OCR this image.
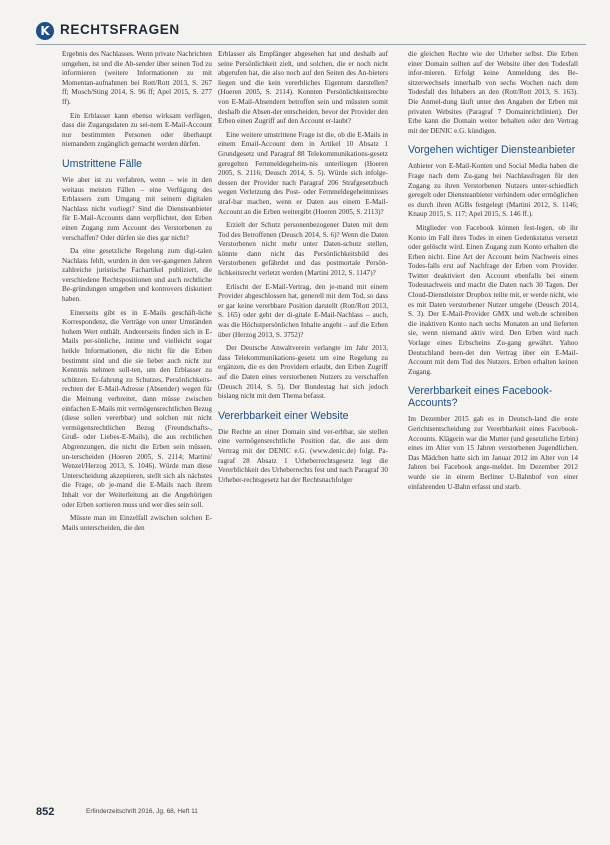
K RECHTSFRAGEN

Ergebnis des Nachlasses. Wenn private Nachrichten umgehen, ist und die Ab-sender über seinen Tod zu informieren (weitere Informationen zu mit Momentan-aufnahmen bei Rott/Rott 2013, S. 267 ff; Mosch/Sting 2014, S. 96 ff; Apel 2015, S. 277 ff).

Ein Erblasser kann ebenso wirksam verfügen, dass die Zugangsdaten zu sei-nem E-Mail-Account nur bestimmten Personen oder überhaupt niemandem zugänglich gemacht werden dürfen.

Umstrittene Fälle

Wie aber ist zu verfahren, wenn – wie in den weitaus meisten Fällen – eine Verfügung des Erblassers zum Umgang mit seinem digitalen Nachlass nicht vorliegt? Sind die Diensteanbieter für E-Mail-Accounts dann verpflichtet, den Erben einen Zugang zum Account des Verstorbenen zu verschaffen? Oder dürfen sie dies gar nicht?

Da eine gesetzliche Regelung zum digi-talen Nachlass fehlt, wurden in den ver-gangenen Jahren zahlreiche juristische Fachartikel publiziert, die verschiedene Rechtspositionen und auch rechtliche Be-gründungen umgeben und kontrovers diskutiert haben.

Einerseits gibt es in E-Mails geschäft-liche Korrespondenz, die Verträge von unter Umständen hohem Wert enthält. Andererseits finden sich in E-Mails per-sönliche, intime und vielleicht sogar heikle Informationen, die nicht für die Erben bestimmt sind und die sie lieber auch nicht zur Kenntnis nehmen soll-ten, um den Erblasser zu schützen. Er-fahrung zu Schutzes, Persönlichkeits-rechten der E-Mail-Adresse (Absender) wegen für die Meinung verbreitet, dann müsse zwischen einfachen E-Mails mit vermögensrechtlichen Bezug (diese sollen vererbbar) und solchen mit nicht vermögensrechtlichen Bezug (Freundschafts-, Gruß- oder Liebes-E-Mails), die aus rechtlichen Abgrenzungen, die nicht die Erben sein müssen, un-terscheiden (Hoeren 2005, S. 2114; Martini/ Wenzel/Herzog 2013, S. 1046). Würde man diese Unterscheidung akzeptieren, stellt sich als nächstes die Frage, ob je-mand die E-Mails nach ihrem Inhalt vor der Weiterleitung an die Angehörigen oder Erben sortieren muss und wer dies sein soll.

Müsste man im Einzelfall zwischen solchen E-Mails unterscheiden, die den

Erblasser als Empfänger abgesehen hat und deshalb auf seine Persönlichkeit zielt, und solchen, die er noch nicht abgerufen hat, die also noch auf den Seiten des An-bieters liegen und die kein vererbliches Eigentum darstellen? (Hoeren 2005, S. 2114). Konnten Persönlichkeitsrechte von E-Mail-Absendern betroffen sein und müssten somit deshalb die Absen-der entscheiden, bevor der Provider den Erben einen Zugriff auf den Account er-laubt?

Eine weitere umstrittene Frage ist die, ob die E-Mails in einem Email-Account dem in Artikel 10 Absatz 1 Grundgesetz und Paragraf 88 Telekommunikations-gesetz geregelten Fernmeldegeheim-nis unterliegen (Hoeren 2005, S. 2116; Deusch 2014, S. 5). Würde sich infolge-dessen der Provider nach Paragraf 206 Strafgesetzbuch wegen Verletzung des Post- oder Fernmeldegeheimnisses straf-bar machen, wenn er Daten aus einem E-Mail-Account an die Erben weitergibt (Hoeren 2005, S. 2113)?

Erzielt der Schutz personenbezogener Daten mit dem Tod des Betroffenen (Deusch 2014, S. 6)? Wenn die Daten Verstorbenen nicht mehr unter Daten-schutz stellen, könnte dann nicht das Persönlichkeitsbild des Verstorbenen gefährdet und das postmortale Persön-lichkeitsrecht verletzt werden (Martini 2012, S. 1147)?

Erlischt der E-Mail-Vertrag, den je-mand mit einem Provider abgeschlossen hat, generell mit dem Tod, so dass er gar keine vererbbare Position darstellt (Rott/Rott 2013, S. 165) oder geht der di-gitale E-Mail-Nachlass – auch, was die Höchstpersönlichen Inhalte angeht – auf die Erben über (Herzog 2013, S. 3752)?

Der Deutsche Anwaltverein verlangte im Jahr 2013, dass Telekommunikations-gesetz um eine Regelung zu ergänzen, die es den Providern erlaubt, den Erben Zugriff auf die Daten eines verstorbenen Nutzers zu verschaffen (Deusch 2014, S. 5). Der Bundestag hat sich jedoch bislang nicht mit dem Thema befasst.

Vererbbarkeit einer Website

Die Rechte an einer Domain sind ver-erbbar, sie stellen eine vermögensrechtliche Position dar, die aus dem Vertrag mit der DENIC e.G. (www.denic.de) folgt. Pa-ragraf 28 Absatz 1 Urheberrechtsgesetz legt die Vererblichkeit des Urheberrechts fest und nach Paragraf 30 Urheber-rechtsgesetz hat der Rechtsnachfolger

die gleichen Rechte wie der Urheber selbst. Die Erben einer Domain sollten auf der Website über den Todesfall infor-mieren. Erfolgt keine Anmeldung des Be-sitzerwechsels innerhalb von sechs Wochen nach dem Todesfall des Inhabers an den (Rott/Rott 2013, S. 163). Die Anmel-dung läuft unter den Angaben der Erben mit privaten Websites (Paragraf 7 Domainrichtlinien). Der Erbe kann die Domain weiter behalten oder den Vertrag mit der DENIC e.G. kündigen.

Vorgehen wichtiger Diensteanbieter

Anbieter von E-Mail-Konten und Social Media haben die Frage nach dem Zu-gang bei Nachlassfragen für den Zugang zu ihren Verstorbenen Nutzers unter-schiedlich geregelt oder Diensteanbieter verhindern oder ermöglichen es durch ihren AGBs festgelegt (Martini 2012, S. 1146; Knaup 2015, S. 117; Apel 2015, S. 146 ff.).

Mitglieder von Facebook können fest-legen, ob ihr Konto im Fall ihres Todes in einen Gedenkstatus versetzt oder gelöscht wird. Einen Zugang zum Konto erhalten die Erben nicht. Eine Art der Account beim Nachweis eines Todes-falls erst auf Nachfrage der Erben vom Provider. Twitter deaktiviert den Account ebenfalls bei einem Todesnachweis und macht die Daten nach 30 Tagen. Der Cloud-Dienstleister Dropbox teilte mit, er werde nicht, wie es mit Daten verstorbener Nutzer umgehe (Deusch 2014, S. 3). Der E-Mail-Provider GMX und web.de schreiben die inaktiven Konto nach sechs Monaten an und lieferten sie, wenn niemand aktiv wird. Den Erben wird nach Vorlage eines Erbscheins Zu-gang gewährt. Yahoo Deutschland been-det den Vertrag über ein E-Mail-Account mit dem Tod des Nutzers. Erben erhalten keinen Zugang.

Vererbbarkeit eines Facebook-Accounts?

Im Dezember 2015 gab es in Deutsch-land die erste Gerichtsentscheidung zur Vererbbarkeit eines Facebook-Accounts. Klägerin war die Mutter (und gesetzliche Erbin) eines im Alter von 15 Jahren verstorbenen Jugendlichen. Das Mädchen hatte sich im Januar 2012 im Alter von 14 Jahren bei Facebook ange-meldet. Im Dezember 2012 wurde sie in einem Berliner U-Bahnhof von einer einfahrenden U-Bahn erfasst und starb.

852	Erfinderzeitschrift 2016, Jg. 68, Heft 11
